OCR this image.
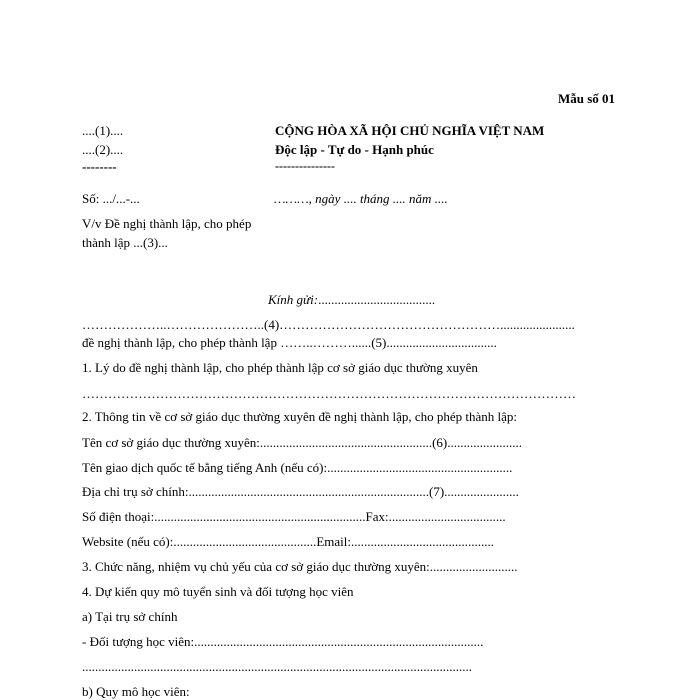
Mẫu số 01
....(1)....
....(2)....
--------
CỘNG HÒA XÃ HỘI CHỦ NGHĨA VIỆT NAM
Độc lập - Tự do - Hạnh phúc
---------------
Số: .../...-...	………, ngày .... tháng .... năm ....
V/v Đề nghị thành lập, cho phép thành lập ...(3)...
Kính gửi:....................................
………………..…………………..(4)…………………………………………….......................
đề nghị thành lập, cho phép thành lập ……..………......(5)..................................
1. Lý do đề nghị thành lập, cho phép thành lập cơ sở giáo dục thường xuyên
……………………………………………………………………………………………………
2. Thông tin về cơ sở giáo dục thường xuyên đề nghị thành lập, cho phép thành lập:
Tên cơ sở giáo dục thường xuyên:.....................................................(6).......................
Tên giao dịch quốc tế bằng tiếng Anh (nếu có):.........................................................
Địa chỉ trụ sở chính:..........................................................................(7).......................
Số điện thoại:.................................................................Fax:....................................
Website (nếu có):............................................Email:............................................
3. Chức năng, nhiệm vụ chủ yếu của cơ sở giáo dục thường xuyên:...........................
4. Dự kiến quy mô tuyển sinh và đối tượng học viên
a) Tại trụ sở chính
- Đối tượng học viên:.........................................................................................
........................................................................................................................
b) Quy mô học viên:
